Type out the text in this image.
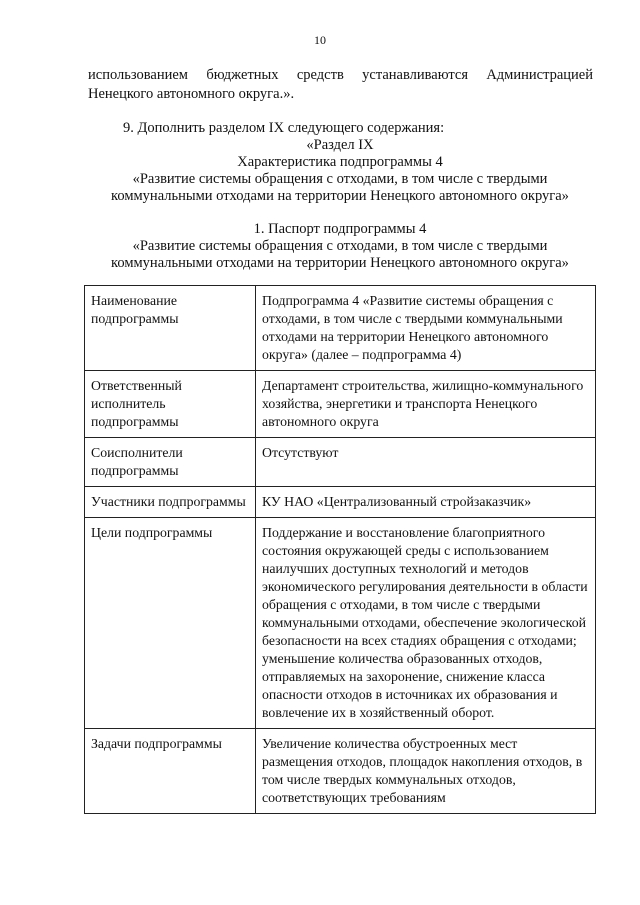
10
использованием бюджетных средств устанавливаются Администрацией
Ненецкого автономного округа.».
9. Дополнить разделом IX следующего содержания:
«Раздел IX
Характеристика подпрограммы 4
«Развитие системы обращения с отходами, в том числе с твердыми
коммунальными отходами на территории Ненецкого автономного округа»
1. Паспорт подпрограммы 4
«Развитие системы обращения с отходами, в том числе с твердыми
коммунальными отходами на территории Ненецкого автономного округа»
Наименование подпрограммы	Подпрограмма 4 «Развитие системы обращения с отходами, в том числе с твердыми коммунальными отходами на территории Ненецкого автономного округа» (далее – подпрограмма 4)
Ответственный исполнитель подпрограммы	Департамент строительства, жилищно-коммунального хозяйства, энергетики и транспорта Ненецкого автономного округа
Соисполнители подпрограммы	Отсутствуют
Участники подпрограммы	КУ НАО «Централизованный стройзаказчик»
Цели подпрограммы	Поддержание и восстановление благоприятного состояния окружающей среды с использованием наилучших доступных технологий и методов экономического регулирования деятельности в области обращения с отходами, в том числе с твердыми коммунальными отходами, обеспечение экологической безопасности на всех стадиях обращения с отходами; уменьшение количества образованных отходов, отправляемых на захоронение, снижение класса опасности отходов в источниках их образования и вовлечение их в хозяйственный оборот.
Задачи подпрограммы	Увеличение количества обустроенных мест размещения отходов, площадок накопления отходов, в том числе твердых коммунальных отходов, соответствующих требованиям
